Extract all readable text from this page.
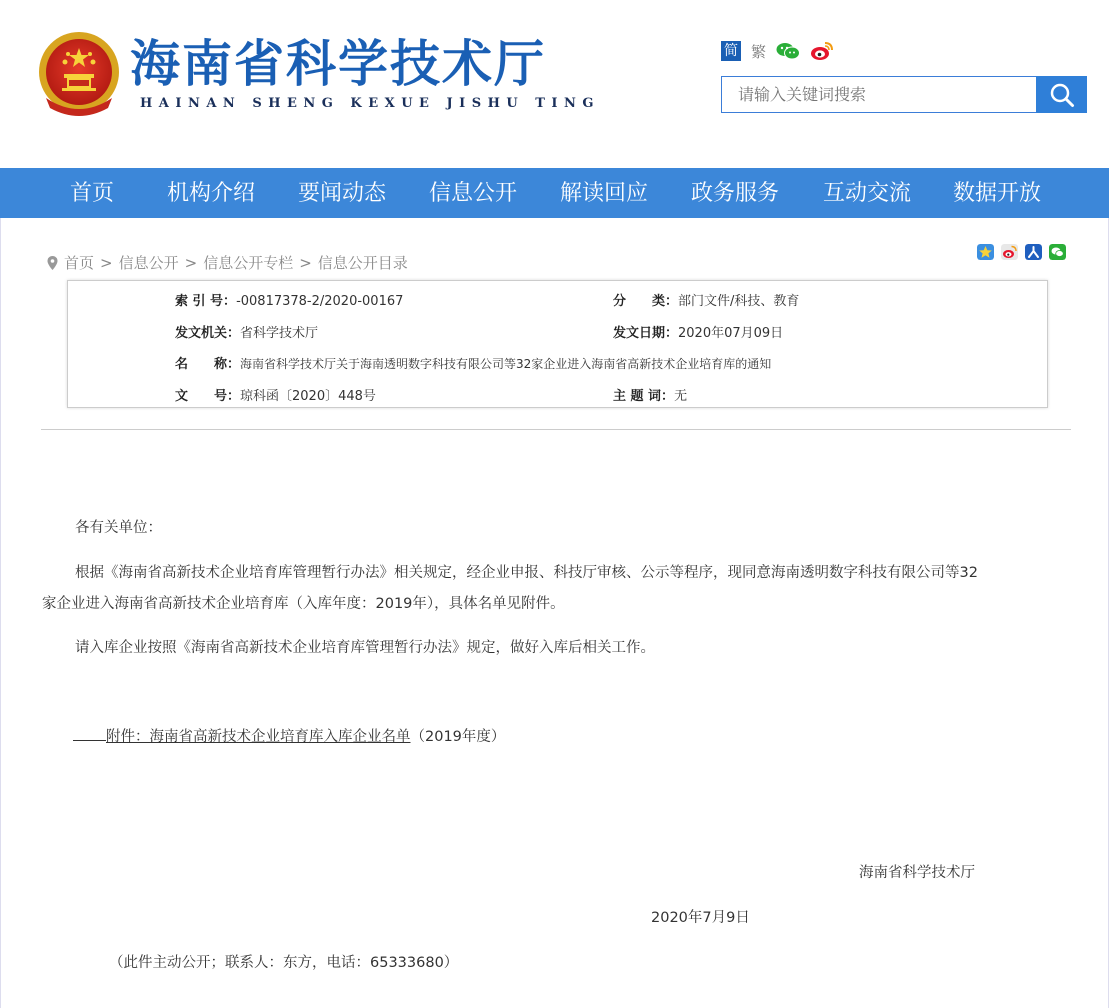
海南省科学技术厅
HAINAN SHENG KEXUE JISHU TING
简 繁
请输入关键词搜索
首页 机构介绍 要闻动态 信息公开 解读回应 政务服务 互动交流 数据开放
首页 > 信息公开 > 信息公开专栏 > 信息公开目录
索 引 号：-00817378-2/2020-00167	分　　类：部门文件/科技、教育
发文机关：省科学技术厅	发文日期：2020年07月09日
名　　称：海南省科学技术厅关于海南透明数字科技有限公司等32家企业进入海南省高新技术企业培育库的通知
文　　号：琼科函〔2020〕448号	主 题 词：无
各有关单位：
根据《海南省高新技术企业培育库管理暂行办法》相关规定，经企业申报、科技厅审核、公示等程序，现同意海南透明数字科技有限公司等32
家企业进入海南省高新技术企业培育库（入库年度：2019年），具体名单见附件。
请入库企业按照《海南省高新技术企业培育库管理暂行办法》规定，做好入库后相关工作。
附件：海南省高新技术企业培育库入库企业名单（2019年度）
海南省科学技术厅
2020年7月9日
（此件主动公开；联系人：东方，电话：65333680）
